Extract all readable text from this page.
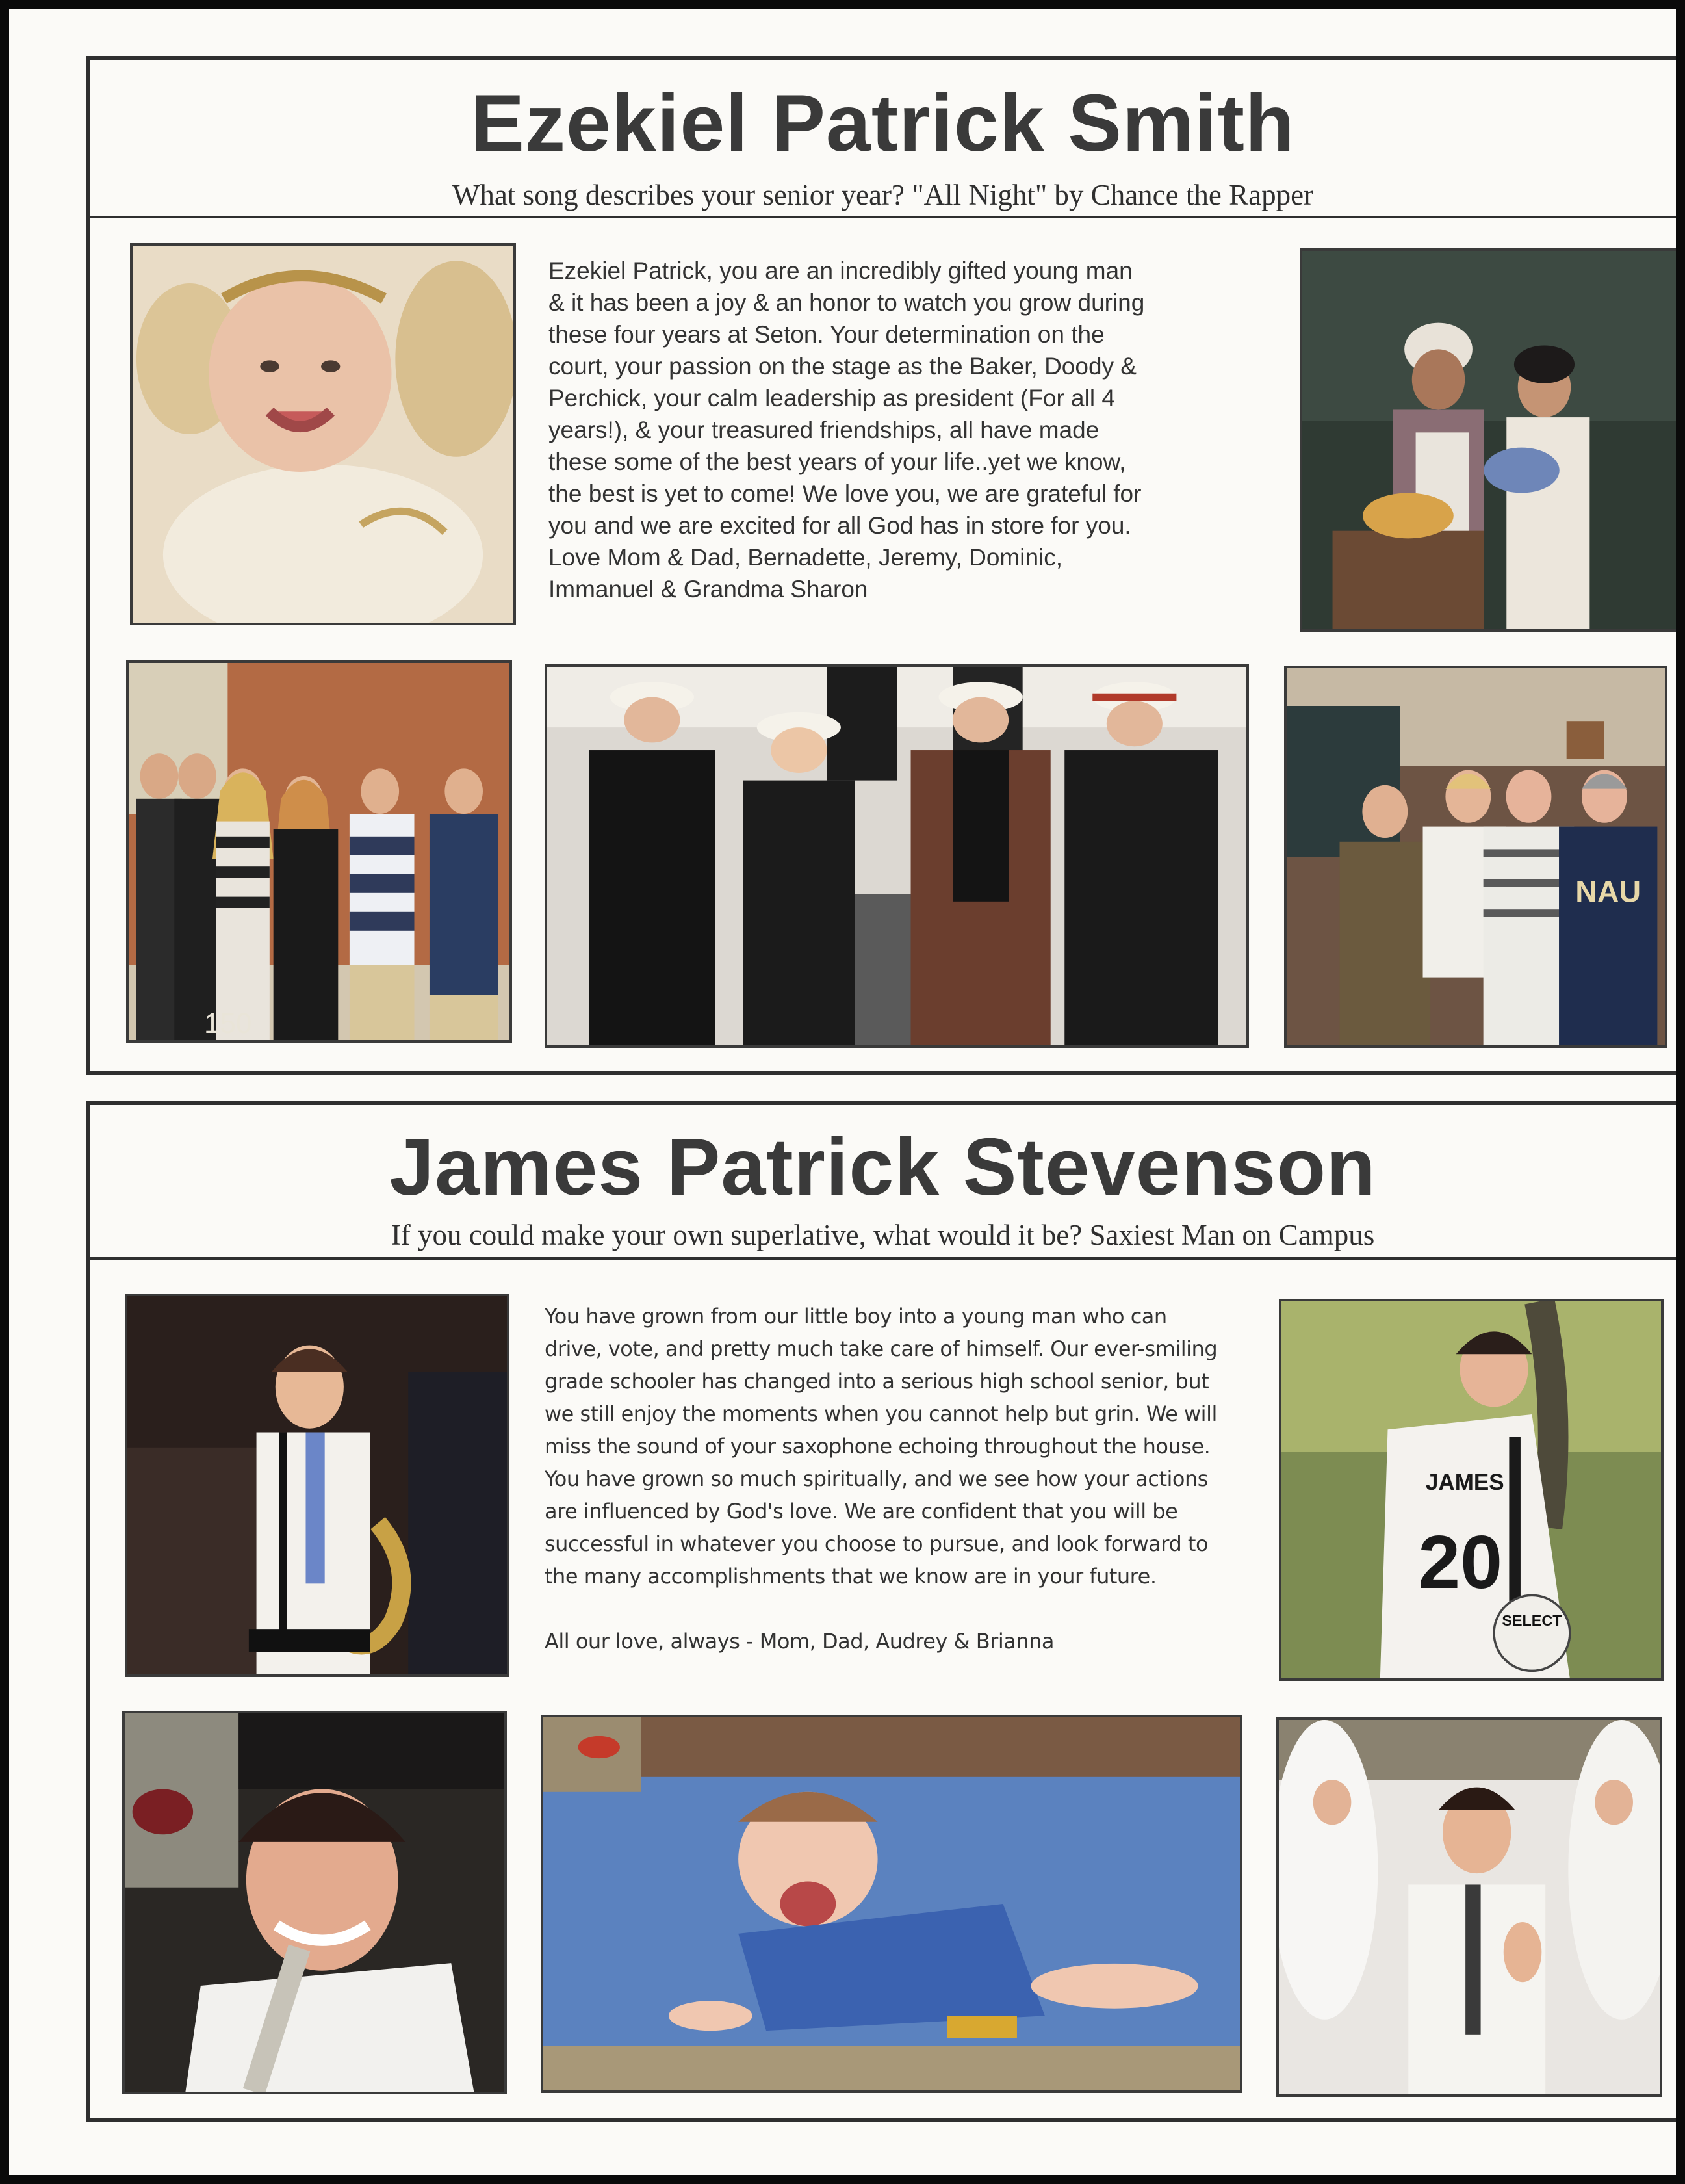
Ezekiel Patrick Smith
What song describes your senior year? "All Night" by Chance the Rapper

Ezekiel Patrick, you are an incredibly gifted young man
& it has been a joy & an honor to watch you grow during
these four years at Seton. Your determination on the
court, your passion on the stage as the Baker, Doody &
Perchick, your calm leadership as president (For all 4
years!), & your treasured friendships, all have made
these some of the best years of your life..yet we know,
the best is yet to come! We love you, we are grateful for
you and we are excited for all God has in store for you.
Love Mom & Dad, Bernadette, Jeremy, Dominic,
Immanuel & Grandma Sharon

NAU
150
James Patrick Stevenson
If you could make your own superlative, what would it be? Saxiest Man on Campus

You have grown from our little boy into a young man who can
drive, vote, and pretty much take care of himself. Our ever-smiling
grade schooler has changed into a serious high school senior, but
we still enjoy the moments when you cannot help but grin. We will
miss the sound of your saxophone echoing throughout the house.
You have grown so much spiritually, and we see how your actions
are influenced by God's love. We are confident that you will be
successful in whatever you choose to pursue, and look forward to
the many accomplishments that we know are in your future.

All our love, always - Mom, Dad, Audrey & Brianna

JAMES
20
SELECT
